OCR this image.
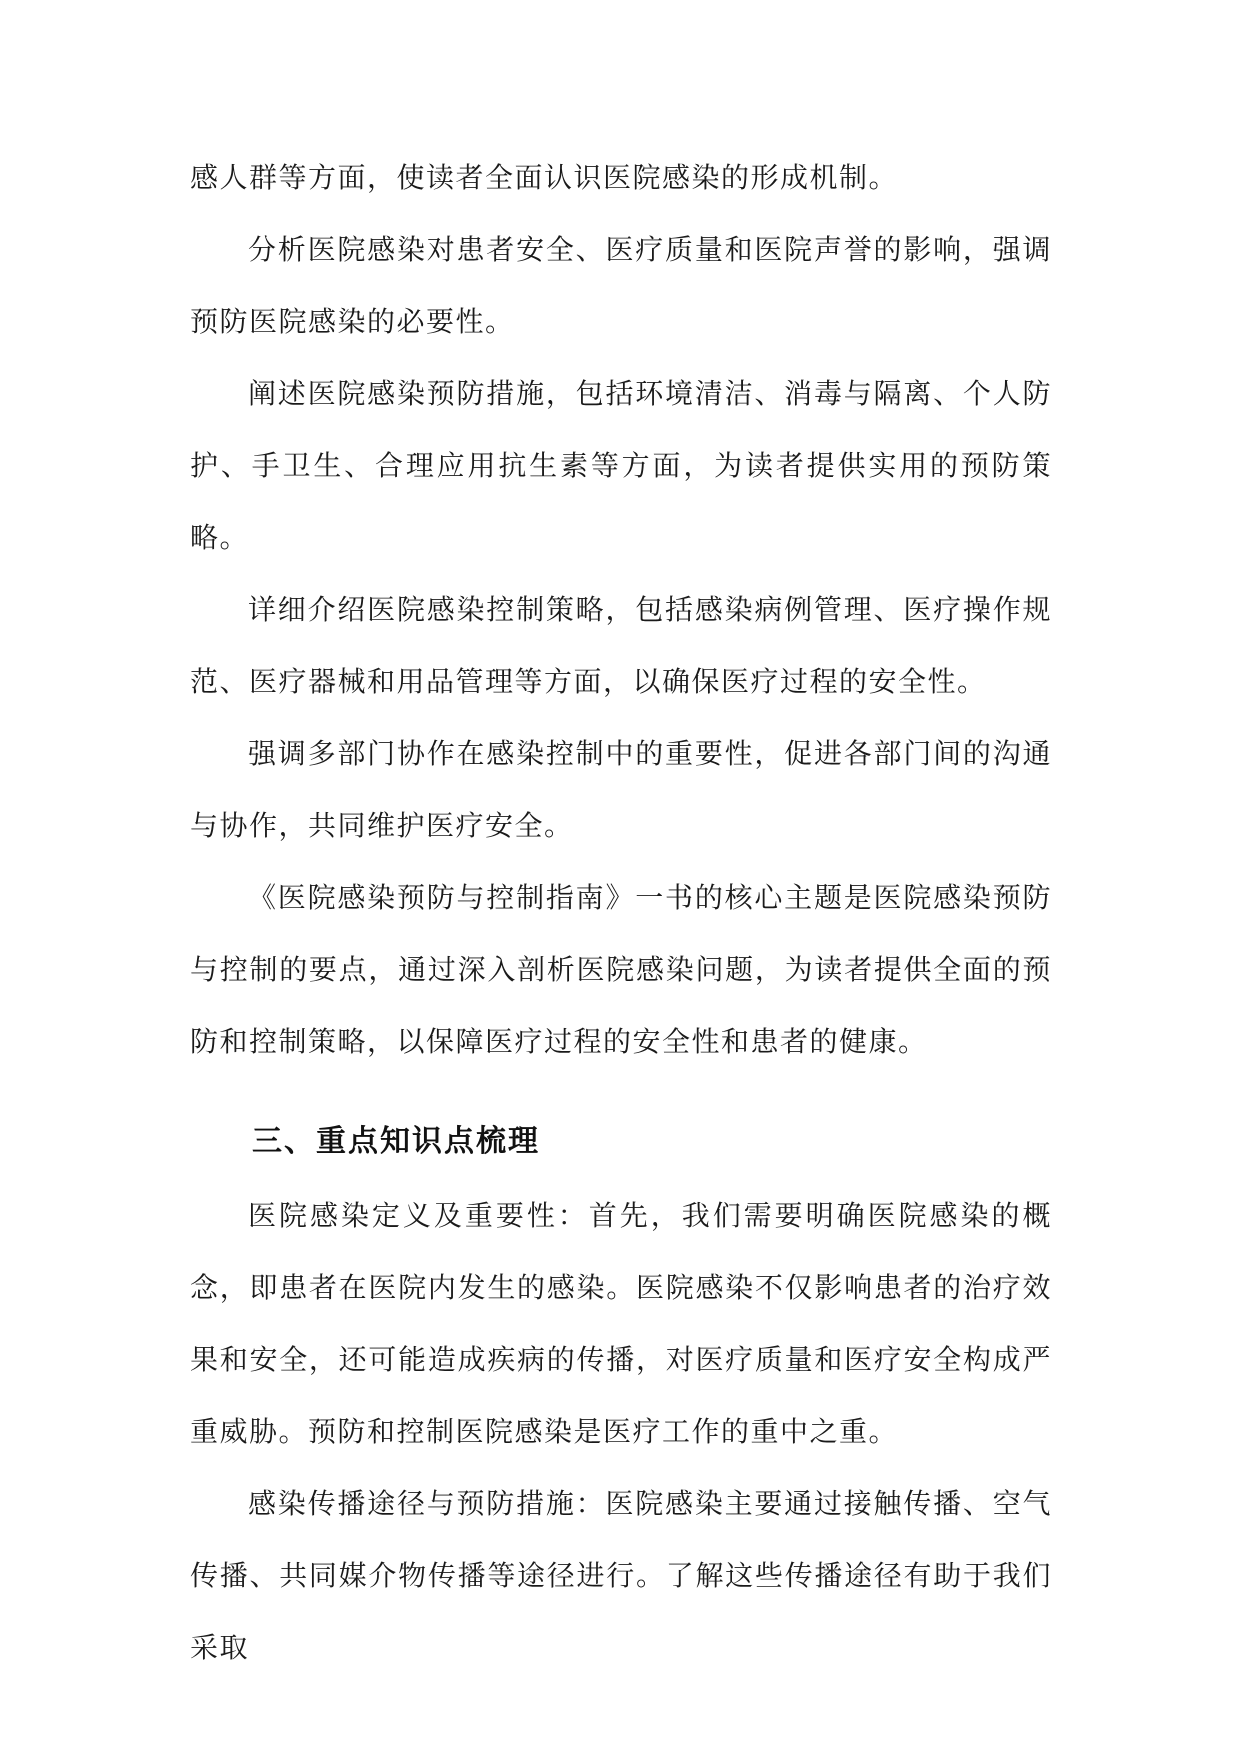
感人群等方面，使读者全面认识医院感染的形成机制。

分析医院感染对患者安全、医疗质量和医院声誉的影响，强调预防医院感染的必要性。

阐述医院感染预防措施，包括环境清洁、消毒与隔离、个人防护、手卫生、合理应用抗生素等方面，为读者提供实用的预防策略。

详细介绍医院感染控制策略，包括感染病例管理、医疗操作规范、医疗器械和用品管理等方面，以确保医疗过程的安全性。

强调多部门协作在感染控制中的重要性，促进各部门间的沟通与协作，共同维护医疗安全。

《医院感染预防与控制指南》一书的核心主题是医院感染预防与控制的要点，通过深入剖析医院感染问题，为读者提供全面的预防和控制策略，以保障医疗过程的安全性和患者的健康。

三、重点知识点梳理

医院感染定义及重要性：首先，我们需要明确医院感染的概念，即患者在医院内发生的感染。医院感染不仅影响患者的治疗效果和安全，还可能造成疾病的传播，对医疗质量和医疗安全构成严重威胁。预防和控制医院感染是医疗工作的重中之重。

感染传播途径与预防措施：医院感染主要通过接触传播、空气传播、共同媒介物传播等途径进行。了解这些传播途径有助于我们采取
